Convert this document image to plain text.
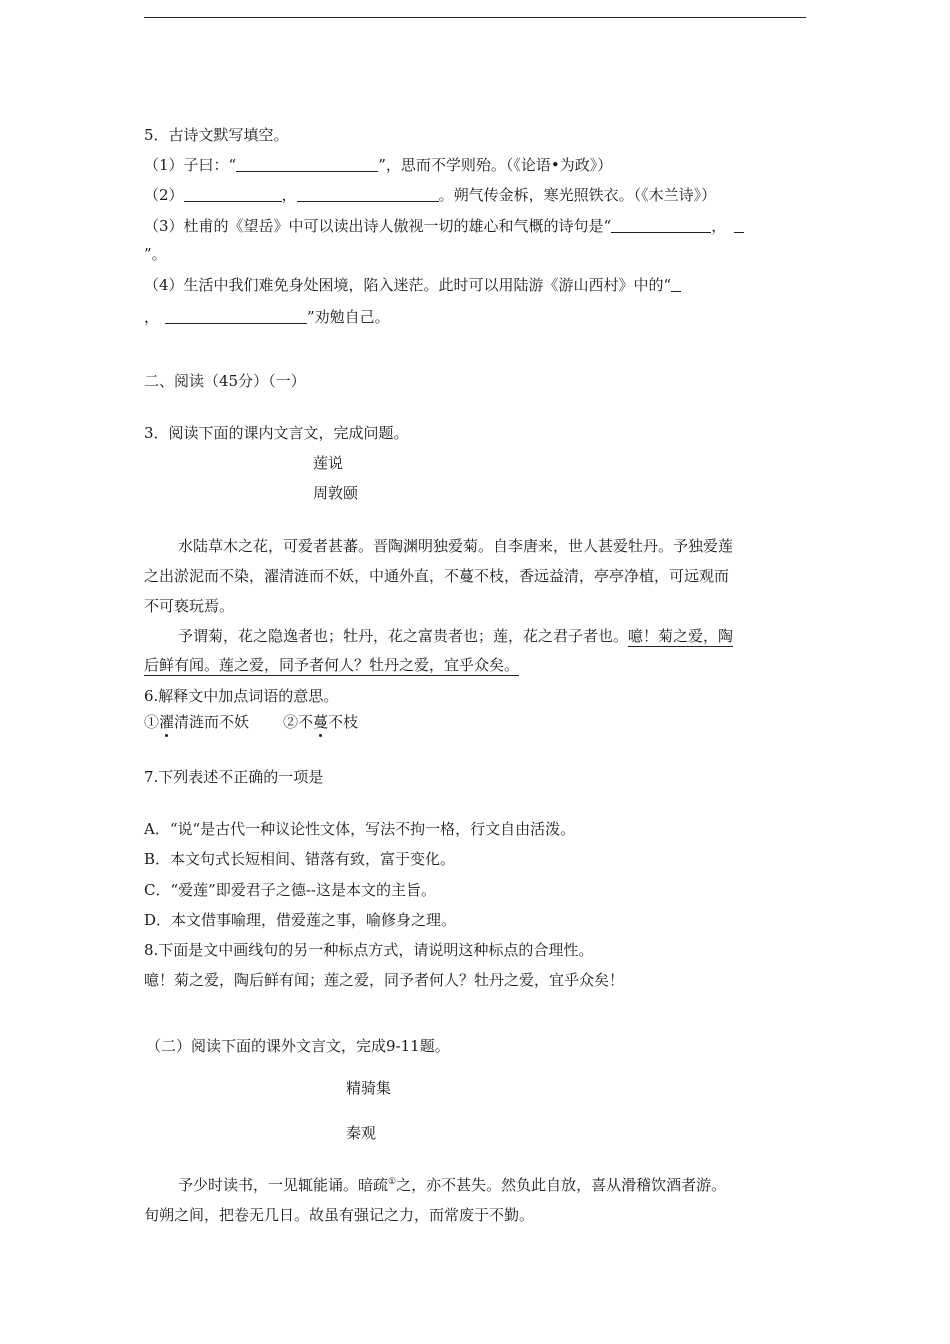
5．古诗文默写填空。
（1）子曰：“	”，思而不学则殆。（《论语•为政》）
（2）	，	。朔气传金柝，寒光照铁衣。（《木兰诗》）
（3）杜甫的《望岳》中可以读出诗人傲视一切的雄心和气概的诗句是“	，
”。
（4）生活中我们难免身处困境，陷入迷茫。此时可以用陆游《游山西村》中的“
，	”劝勉自己。
二、阅读（45分）（一）
3．阅读下面的课内文言文，完成问题。
莲说
周敦颐
水陆草木之花，可爱者甚蕃。晋陶渊明独爱菊。自李唐来，世人甚爱牡丹。予独爱莲
之出淤泥而不染，濯清涟而不妖，中通外直，不蔓不枝，香远益清，亭亭净植，可远观而
不可亵玩焉。
予谓菊，花之隐逸者也；牡丹，花之富贵者也；莲，花之君子者也。噫！菊之爱，陶
后鲜有闻。莲之爱，同予者何人？牡丹之爱，宜乎众矣。
6.解释文中加点词语的意思。
①濯清涟而不妖 ②不蔓不枝
7.下列表述不正确的一项是
A．“说“是古代一种议论性文体，写法不拘一格，行文自由活泼。
B．本文句式长短相间、错落有致，富于变化。
C．“爱莲”即爱君子之德--这是本文的主旨。
D．本文借事喻理，借爱莲之事，喻修身之理。
8.下面是文中画线句的另一种标点方式，请说明这种标点的合理性。
噫！菊之爱，陶后鲜有闻；莲之爱，同予者何人？牡丹之爱，宜乎众矣！
（二）阅读下面的课外文言文，完成9-11题。
精骑集
秦观
予少时读书，一见辄能诵。暗疏①之，亦不甚失。然负此自放，喜从滑稽饮酒者游。
旬朔之间，把卷无几日。故虽有强记之力，而常废于不勤。
